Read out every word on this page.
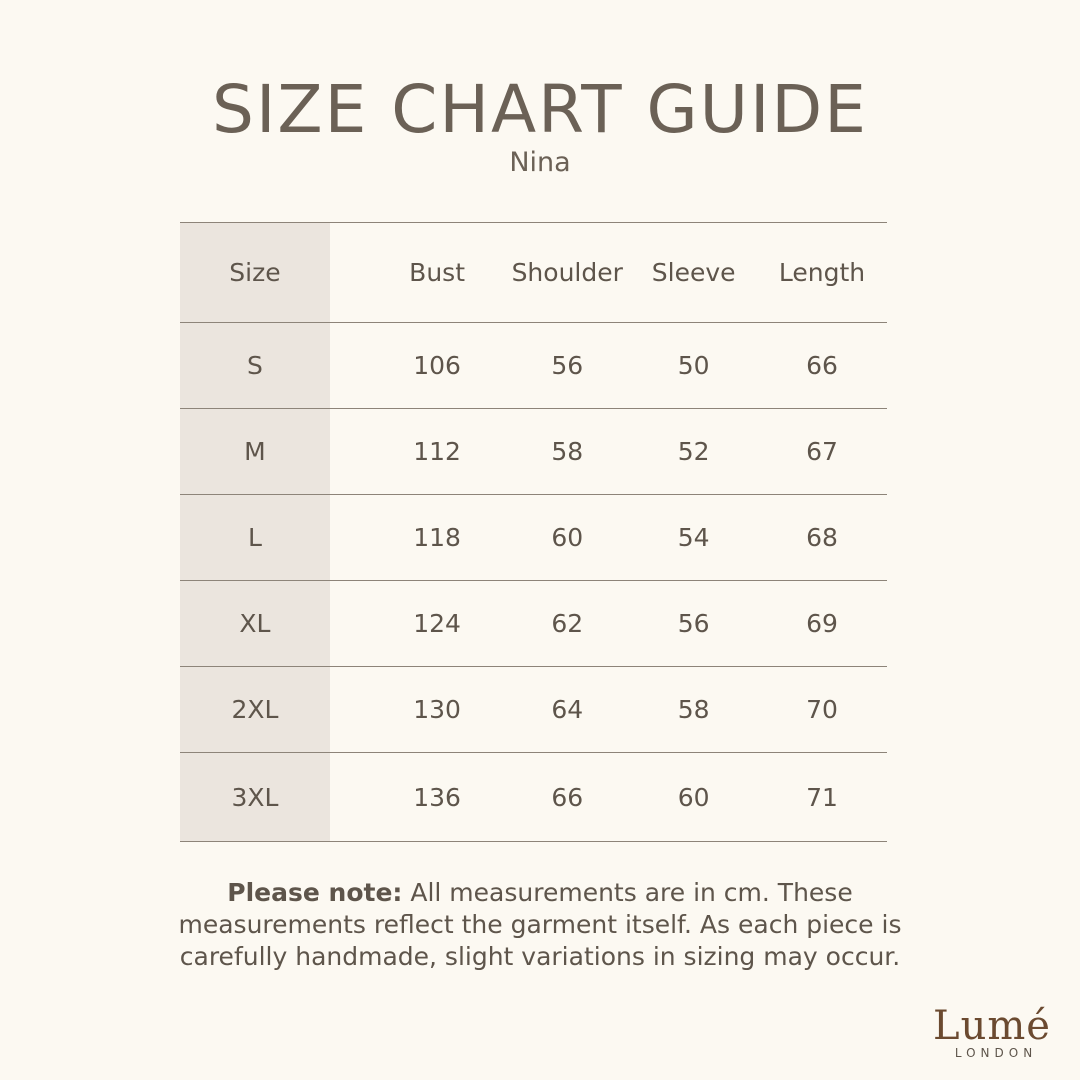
SIZE CHART GUIDE
Nina
Size	Bust	Shoulder	Sleeve	Length
S	106	56	50	66
M	112	58	52	67
L	118	60	54	68
XL	124	62	56	69
2XL	130	64	58	70
3XL	136	66	60	71

Please note: All measurements are in cm. These measurements reflect the garment itself. As each piece is carefully handmade, slight variations in sizing may occur.

Lumé
LONDON
